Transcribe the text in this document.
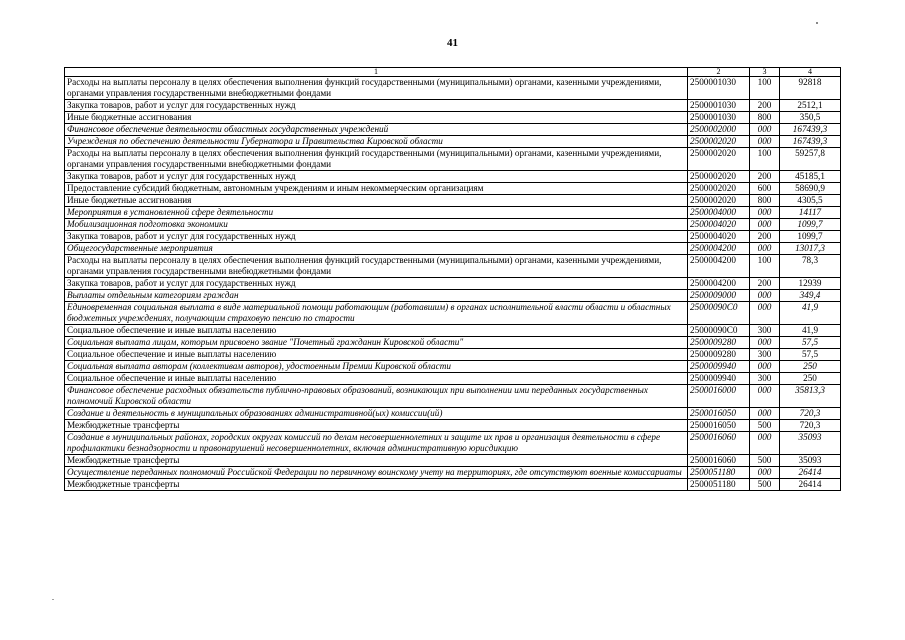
41
1	2	3	4
Расходы на выплаты персоналу в целях обеспечения выполнения функций государственными (муниципальными) органами, казенными учреждениями, органами управления государственными внебюджетными фондами	2500001030	100	92818
Закупка товаров, работ и услуг для государственных нужд	2500001030	200	2512,1
Иные бюджетные ассигнования	2500001030	800	350,5
Финансовое обеспечение деятельности областных государственных учреждений	2500002000	000	167439,3
Учреждения по обеспечению деятельности Губернатора и Правительства Кировской области	2500002020	000	167439,3
Расходы на выплаты персоналу в целях обеспечения выполнения функций государственными (муниципальными) органами, казенными учреждениями, органами управления государственными внебюджетными фондами	2500002020	100	59257,8
Закупка товаров, работ и услуг для государственных нужд	2500002020	200	45185,1
Предоставление субсидий бюджетным, автономным учреждениям и иным некоммерческим организациям	2500002020	600	58690,9
Иные бюджетные ассигнования	2500002020	800	4305,5
Мероприятия в установленной сфере деятельности	2500004000	000	14117
Мобилизационная подготовка экономики	2500004020	000	1099,7
Закупка товаров, работ и услуг для государственных нужд	2500004020	200	1099,7
Общегосударственные мероприятия	2500004200	000	13017,3
Расходы на выплаты персоналу в целях обеспечения выполнения функций государственными (муниципальными) органами, казенными учреждениями, органами управления государственными внебюджетными фондами	2500004200	100	78,3
Закупка товаров, работ и услуг для государственных нужд	2500004200	200	12939
Выплаты отдельным категориям граждан	2500009000	000	349,4
Единовременная социальная выплата в виде материальной помощи работающим (работавшим) в органах исполнительной власти области и областных бюджетных учреждениях, получающим страховую пенсию по старости	25000090С0	000	41,9
Социальное обеспечение и иные выплаты населению	25000090С0	300	41,9
Социальная выплата лицам, которым присвоено звание "Почетный гражданин Кировской области"	2500009280	000	57,5
Социальное обеспечение и иные выплаты населению	2500009280	300	57,5
Социальная выплата авторам (коллективам авторов), удостоенным Премии Кировской области	2500009940	000	250
Социальное обеспечение и иные выплаты населению	2500009940	300	250
Финансовое обеспечение расходных обязательств публично-правовых образований, возникающих при выполнении ими переданных государственных полномочий Кировской области	2500016000	000	35813,3
Создание и деятельность в муниципальных образованиях административной(ых) комиссии(ий)	2500016050	000	720,3
Межбюджетные трансферты	2500016050	500	720,3
Создание в муниципальных районах, городских округах комиссий по делам несовершеннолетних и защите их прав и организация деятельности в сфере профилактики безнадзорности и правонарушений несовершеннолетних, включая административную юрисдикцию	2500016060	000	35093
Межбюджетные трансферты	2500016060	500	35093
Осуществление переданных полномочий Российской Федерации по первичному воинскому учету на территориях, где отсутствуют военные комиссариаты	2500051180	000	26414
Межбюджетные трансферты	2500051180	500	26414
.
